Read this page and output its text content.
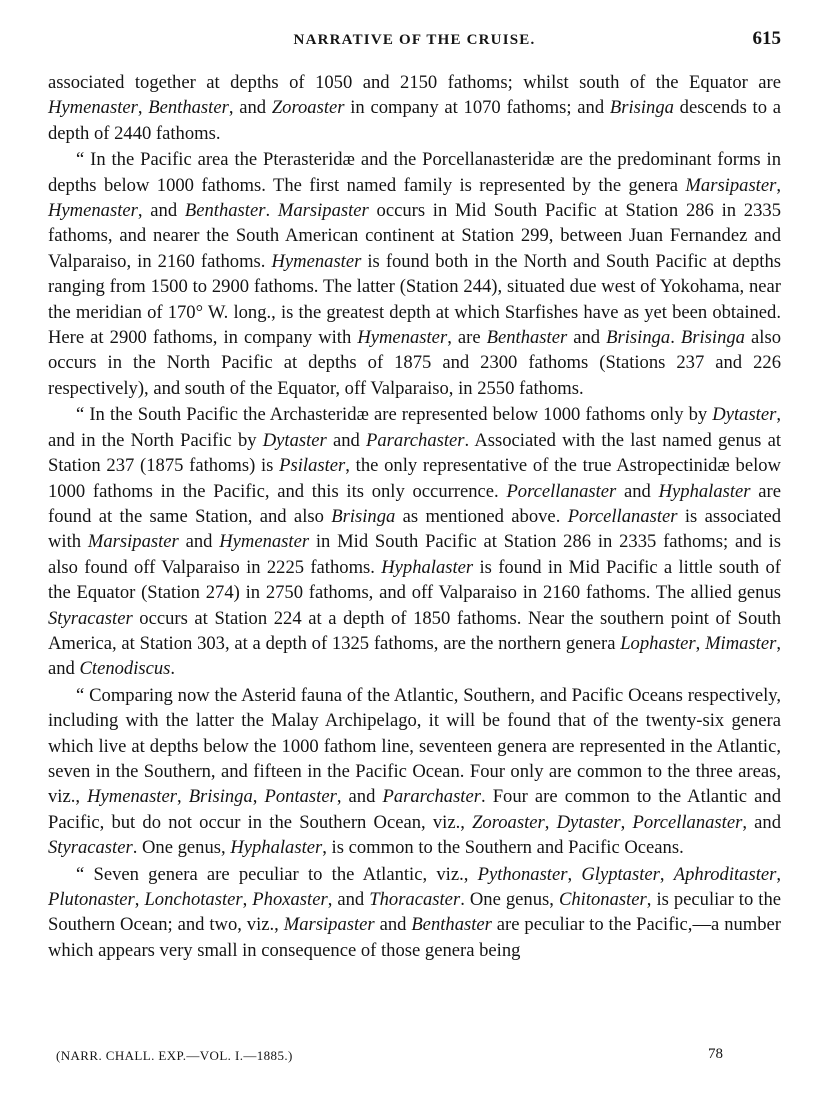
NARRATIVE OF THE CRUISE.	615

associated together at depths of 1050 and 2150 fathoms; whilst south of the Equator are Hymenaster, Benthaster, and Zoroaster in company at 1070 fathoms; and Brisinga descends to a depth of 2440 fathoms.

“ In the Pacific area the Pterasteridæ and the Porcellanasteridæ are the predominant forms in depths below 1000 fathoms. The first named family is represented by the genera Marsipaster, Hymenaster, and Benthaster. Marsipaster occurs in Mid South Pacific at Station 286 in 2335 fathoms, and nearer the South American continent at Station 299, between Juan Fernandez and Valparaiso, in 2160 fathoms. Hymenaster is found both in the North and South Pacific at depths ranging from 1500 to 2900 fathoms. The latter (Station 244), situated due west of Yokohama, near the meridian of 170° W. long., is the greatest depth at which Starfishes have as yet been obtained. Here at 2900 fathoms, in company with Hymenaster, are Benthaster and Brisinga. Brisinga also occurs in the North Pacific at depths of 1875 and 2300 fathoms (Stations 237 and 226 respectively), and south of the Equator, off Valparaiso, in 2550 fathoms.

“ In the South Pacific the Archasteridæ are represented below 1000 fathoms only by Dytaster, and in the North Pacific by Dytaster and Pararchaster. Associated with the last named genus at Station 237 (1875 fathoms) is Psilaster, the only representative of the true Astropectinidæ below 1000 fathoms in the Pacific, and this its only occurrence. Porcellanaster and Hyphalaster are found at the same Station, and also Brisinga as mentioned above. Porcellanaster is associated with Marsipaster and Hymenaster in Mid South Pacific at Station 286 in 2335 fathoms; and is also found off Valparaiso in 2225 fathoms. Hyphalaster is found in Mid Pacific a little south of the Equator (Station 274) in 2750 fathoms, and off Valparaiso in 2160 fathoms. The allied genus Styracaster occurs at Station 224 at a depth of 1850 fathoms. Near the southern point of South America, at Station 303, at a depth of 1325 fathoms, are the northern genera Lophaster, Mimaster, and Ctenodiscus.

“ Comparing now the Asterid fauna of the Atlantic, Southern, and Pacific Oceans respectively, including with the latter the Malay Archipelago, it will be found that of the twenty-six genera which live at depths below the 1000 fathom line, seventeen genera are represented in the Atlantic, seven in the Southern, and fifteen in the Pacific Ocean. Four only are common to the three areas, viz., Hymenaster, Brisinga, Pontaster, and Pararchaster. Four are common to the Atlantic and Pacific, but do not occur in the Southern Ocean, viz., Zoroaster, Dytaster, Porcellanaster, and Styracaster. One genus, Hyphalaster, is common to the Southern and Pacific Oceans.

“ Seven genera are peculiar to the Atlantic, viz., Pythonaster, Glyptaster, Aphroditaster, Plutonaster, Lonchotaster, Phoxaster, and Thoracaster. One genus, Chitonaster, is peculiar to the Southern Ocean; and two, viz., Marsipaster and Benthaster are peculiar to the Pacific,—a number which appears very small in consequence of those genera being

(NARR. CHALL. EXP.—VOL. I.—1885.)	78
